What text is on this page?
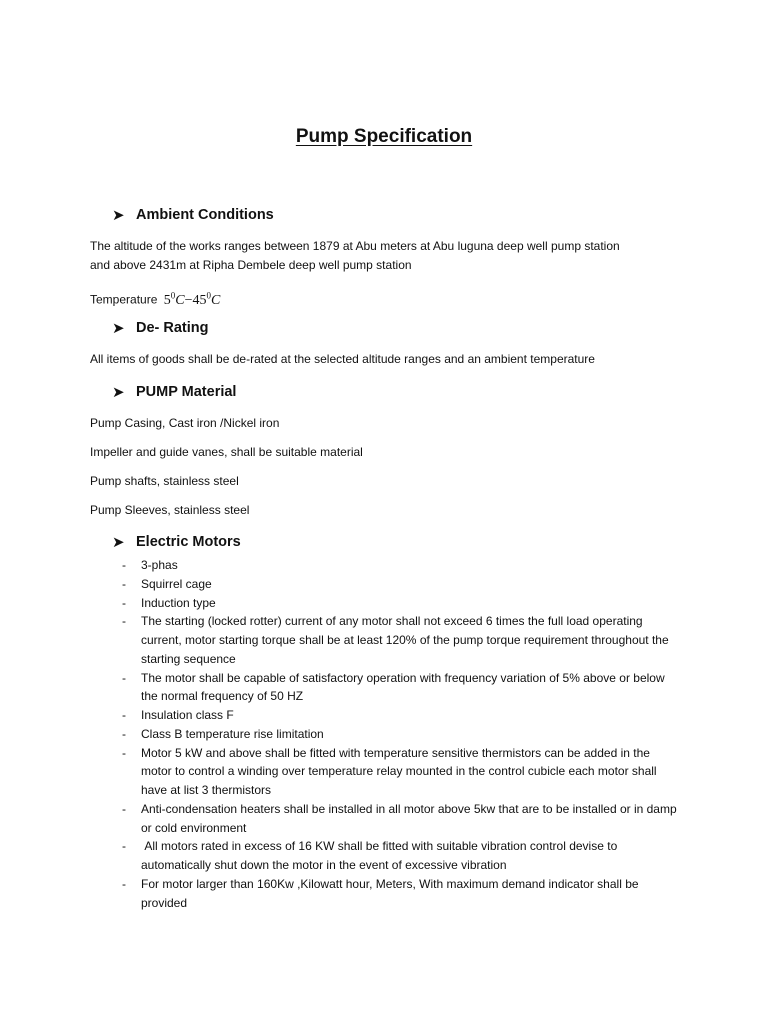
Pump Specification
➤ Ambient Conditions
The altitude of the works ranges between 1879 at Abu meters at Abu luguna deep well pump station
and above 2431m at Ripha Dembele deep well pump station
Temperature $5^0C-45^0C$
➤ De- Rating
All items of goods shall be de-rated at the selected altitude ranges and an ambient temperature
➤ PUMP Material
Pump Casing, Cast iron /Nickel iron
Impeller and guide vanes, shall be suitable material
Pump shafts, stainless steel
Pump Sleeves, stainless steel
➤ Electric Motors
- 3-phas
- Squirrel cage
- Induction type
- The starting (locked rotter) current of any motor shall not exceed 6 times the full load operating current, motor starting torque shall be at least 120% of the pump torque requirement throughout the starting sequence
- The motor shall be capable of satisfactory operation with frequency variation of 5% above or below the normal frequency of 50 HZ
- Insulation class F
- Class B temperature rise limitation
- Motor 5 kW and above shall be fitted with temperature sensitive thermistors can be added in the motor to control a winding over temperature relay mounted in the control cubicle each motor shall have at list 3 thermistors
- Anti-condensation heaters shall be installed in all motor above 5kw that are to be installed or in damp or cold environment
- All motors rated in excess of 16 KW shall be fitted with suitable vibration control devise to automatically shut down the motor in the event of excessive vibration
- For motor larger than 160Kw ,Kilowatt hour, Meters, With maximum demand indicator shall be provided
